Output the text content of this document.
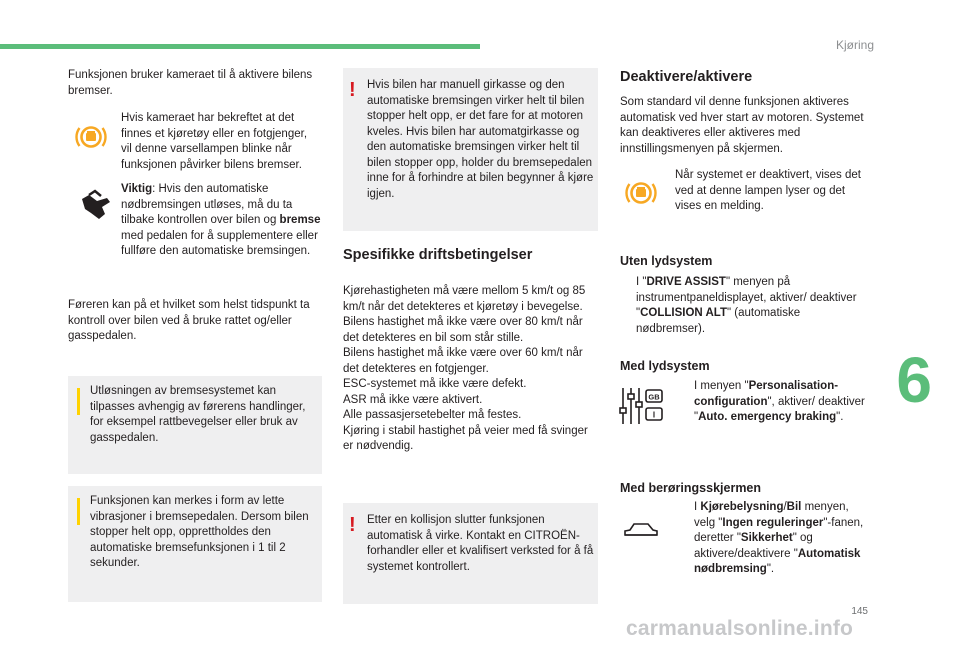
Kjøring
6
145
carmanualsonline.info

Funksjonen bruker kameraet til å aktivere bilens bremser.

Hvis kameraet har bekreftet at det finnes et kjøretøy eller en fotgjenger, vil denne varsellampen blinke når funksjonen påvirker bilens bremser.

Viktig: Hvis den automatiske nødbremsingen utløses, må du ta tilbake kontrollen over bilen og bremse med pedalen for å supplementere eller fullføre den automatiske bremsingen.

Føreren kan på et hvilket som helst tidspunkt ta kontroll over bilen ved å bruke rattet og/eller gasspedalen.

Utløsningen av bremsesystemet kan tilpasses avhengig av førerens handlinger, for eksempel rattbevegelser eller bruk av gasspedalen.
Funksjonen kan merkes i form av lette vibrasjoner i bremsepedalen. Dersom bilen stopper helt opp, opprettholdes den automatiske bremsefunksjonen i 1 til 2 sekunder.
! Hvis bilen har manuell girkasse og den automatiske bremsingen virker helt til bilen stopper helt opp, er det fare for at motoren kveles. Hvis bilen har automatgirkasse og den automatiske bremsingen virker helt til bilen stopper opp, holder du bremsepedalen inne for å forhindre at bilen begynner å kjøre igjen.
Spesifikke driftsbetingelser

Kjørehastigheten må være mellom 5 km/t og 85 km/t når det detekteres et kjøretøy i bevegelse.

Bilens hastighet må ikke være over 80 km/t når det detekteres en bil som står stille.

Bilens hastighet må ikke være over 60 km/t når det detekteres en fotgjenger.

ESC-systemet må ikke være defekt.

ASR må ikke være aktivert.

Alle passasjersetebelter må festes.

Kjøring i stabil hastighet på veier med få svinger er nødvendig.

! Etter en kollisjon slutter funksjonen automatisk å virke. Kontakt en CITROËN-forhandler eller et kvalifisert verksted for å få systemet kontrollert.
Deaktivere/aktivere

Som standard vil denne funksjonen aktiveres automatisk ved hver start av motoren. Systemet kan deaktiveres eller aktiveres med innstillingsmenyen på skjermen.

Når systemet er deaktivert, vises det ved at denne lampen lyser og det vises en melding.

Uten lydsystem

I "DRIVE ASSIST" menyen på instrumentpaneldisplayet, aktiver/ deaktiver "COLLISION ALT" (automatiske nødbremser).

Med lydsystem
GB
I

I menyen "Personalisation-configuration", aktiver/ deaktiver "Auto. emergency braking".

Med berøringsskjermen

I Kjørebelysning/Bil menyen, velg "Ingen reguleringer"-fanen, deretter "Sikkerhet" og aktivere/deaktivere "Automatisk nødbremsing".
